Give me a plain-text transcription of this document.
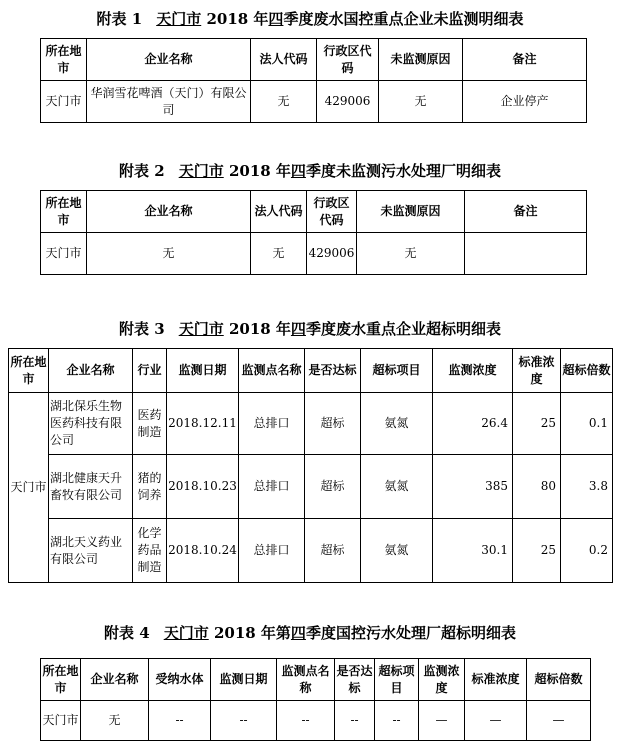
附表 1 天门市 2018 年四季度废水国控重点企业未监测明细表
所在地市	企业名称	法人代码	行政区代码	未监测原因	备注
天门市	华润雪花啤酒（天门）有限公司	无	429006	无	企业停产
附表 2 天门市 2018 年四季度未监测污水处理厂明细表
所在地市	企业名称	法人代码	行政区代码	未监测原因	备注
天门市	无	无	429006	无	
附表 3 天门市 2018 年四季度废水重点企业超标明细表
所在地市	企业名称	行业	监测日期	监测点名称	是否达标	超标项目	监测浓度	标准浓度	超标倍数
天门市	湖北保乐生物医药科技有限公司	医药制造	2018.12.11	总排口	超标	氨氮	26.4	25	0.1
	湖北健康天升畜牧有限公司	猪的饲养	2018.10.23	总排口	超标	氨氮	385	80	3.8
	湖北天义药业有限公司	化学药品制造	2018.10.24	总排口	超标	氨氮	30.1	25	0.2
附表 4 天门市 2018 年第四季度国控污水处理厂超标明细表
所在地市	企业名称	受纳水体	监测日期	监测点名称	是否达标	超标项目	监测浓度	标准浓度	超标倍数
天门市	无	--	--	--	--	--	—	—	—
